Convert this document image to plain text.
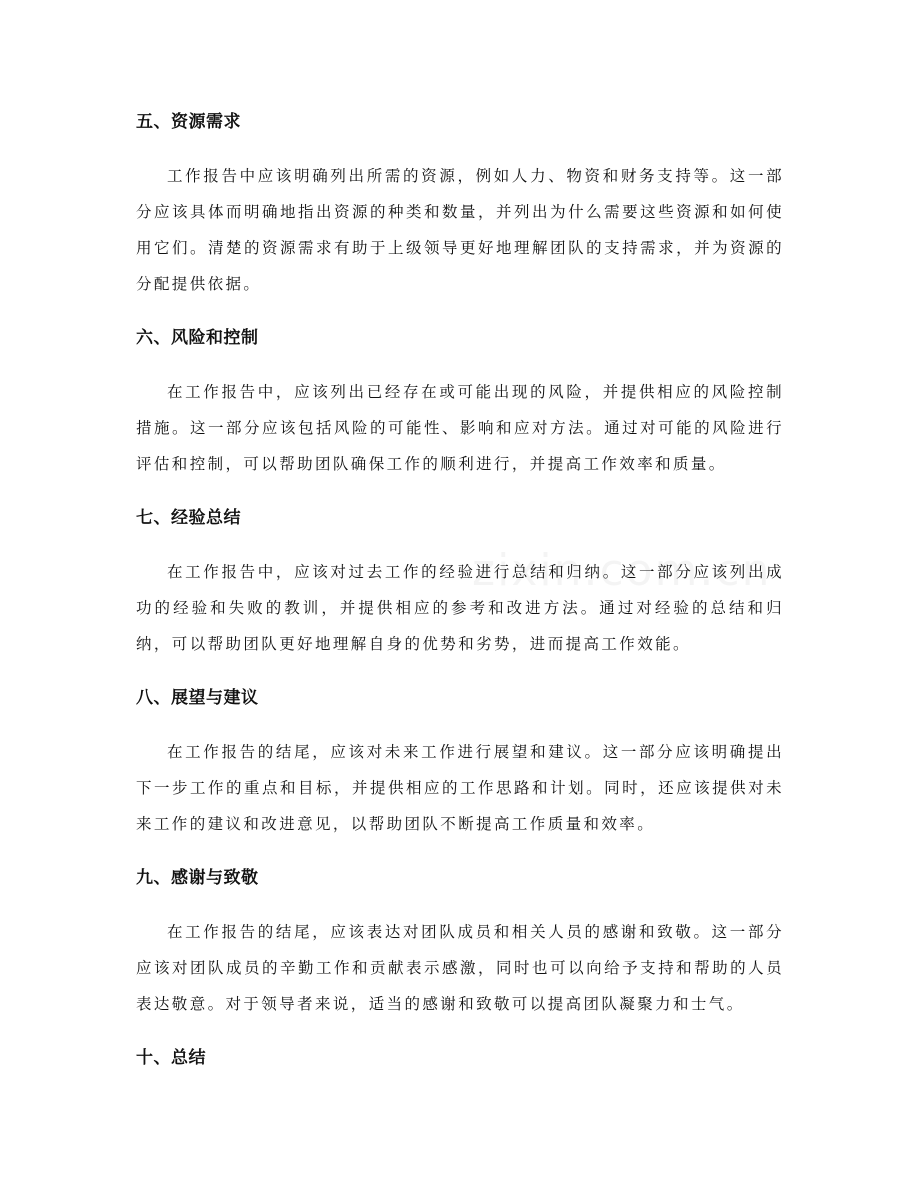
五、资源需求

工作报告中应该明确列出所需的资源，例如人力、物资和财务支持等。这一部分应该具体而明确地指出资源的种类和数量，并列出为什么需要这些资源和如何使用它们。清楚的资源需求有助于上级领导更好地理解团队的支持需求，并为资源的分配提供依据。

六、风险和控制

在工作报告中，应该列出已经存在或可能出现的风险，并提供相应的风险控制措施。这一部分应该包括风险的可能性、影响和应对方法。通过对可能的风险进行评估和控制，可以帮助团队确保工作的顺利进行，并提高工作效率和质量。

七、经验总结

在工作报告中，应该对过去工作的经验进行总结和归纳。这一部分应该列出成功的经验和失败的教训，并提供相应的参考和改进方法。通过对经验的总结和归纳，可以帮助团队更好地理解自身的优势和劣势，进而提高工作效能。

八、展望与建议

在工作报告的结尾，应该对未来工作进行展望和建议。这一部分应该明确提出下一步工作的重点和目标，并提供相应的工作思路和计划。同时，还应该提供对未来工作的建议和改进意见，以帮助团队不断提高工作质量和效率。

九、感谢与致敬

在工作报告的结尾，应该表达对团队成员和相关人员的感谢和致敬。这一部分应该对团队成员的辛勤工作和贡献表示感激，同时也可以向给予支持和帮助的人员表达敬意。对于领导者来说，适当的感谢和致敬可以提高团队凝聚力和士气。

十、总结
